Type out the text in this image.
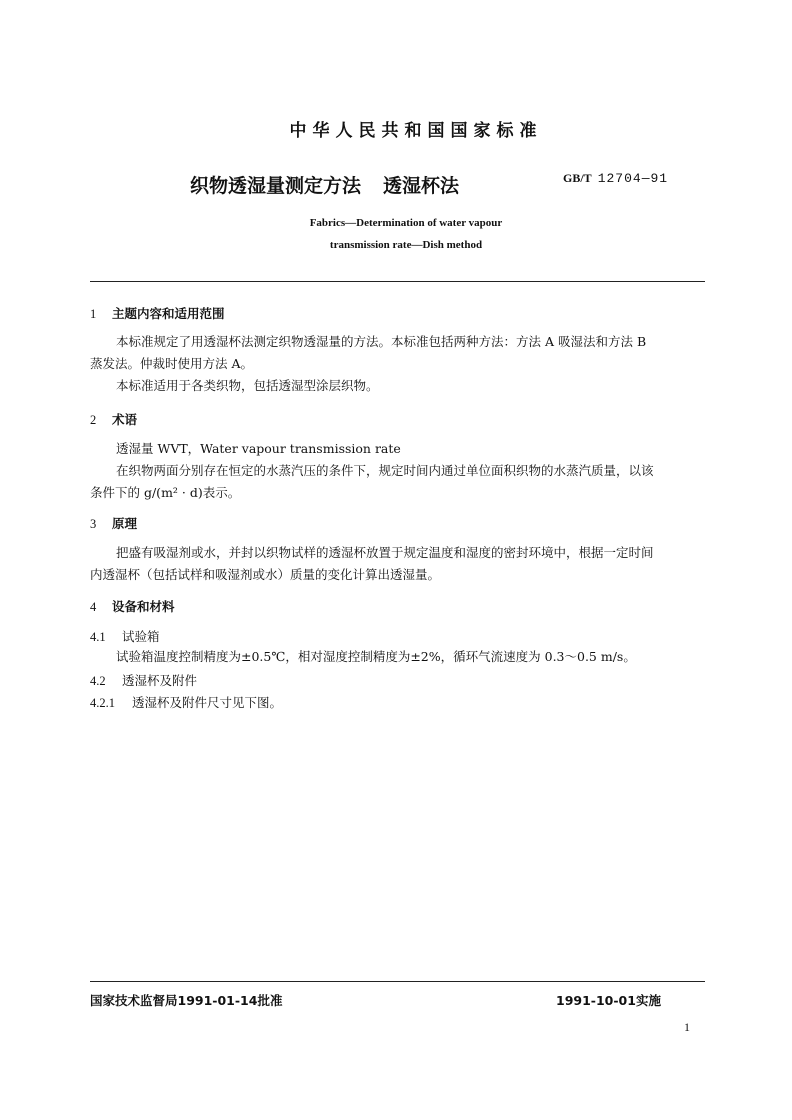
中华人民共和国国家标准
织物透湿量测定方法 透湿杯法	GB/T 12704—91
Fabrics—Determination of water vapour
transmission rate—Dish method
1 主题内容和适用范围
本标准规定了用透湿杯法测定织物透湿量的方法。本标准包括两种方法：方法 A 吸湿法和方法 B
蒸发法。仲裁时使用方法 A。
本标准适用于各类织物，包括透湿型涂层织物。
2 术语
透湿量 WVT，Water vapour transmission rate
在织物两面分别存在恒定的水蒸汽压的条件下，规定时间内通过单位面积织物的水蒸汽质量，以该
条件下的 g/(m² · d)表示。
3 原理
把盛有吸湿剂或水，并封以织物试样的透湿杯放置于规定温度和湿度的密封环境中，根据一定时间
内透湿杯（包括试样和吸湿剂或水）质量的变化计算出透湿量。
4 设备和材料
4.1 试验箱
试验箱温度控制精度为±0.5℃，相对湿度控制精度为±2%，循环气流速度为 0.3～0.5 m/s。
4.2 透湿杯及附件
4.2.1 透湿杯及附件尺寸见下图。
国家技术监督局1991-01-14批准	1991-10-01实施
1
